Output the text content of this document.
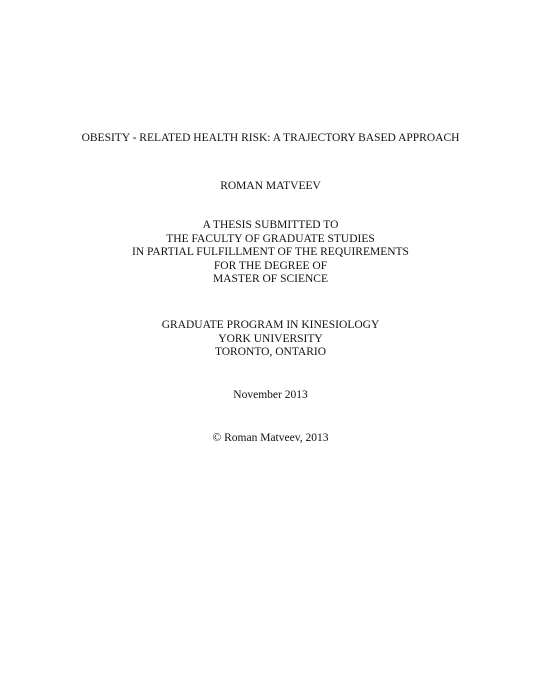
OBESITY - RELATED HEALTH RISK: A TRAJECTORY BASED APPROACH
ROMAN MATVEEV
A THESIS SUBMITTED TO
THE FACULTY OF GRADUATE STUDIES
IN PARTIAL FULFILLMENT OF THE REQUIREMENTS
FOR THE DEGREE OF
MASTER OF SCIENCE
GRADUATE PROGRAM IN KINESIOLOGY
YORK UNIVERSITY
TORONTO, ONTARIO
November 2013
© Roman Matveev, 2013
